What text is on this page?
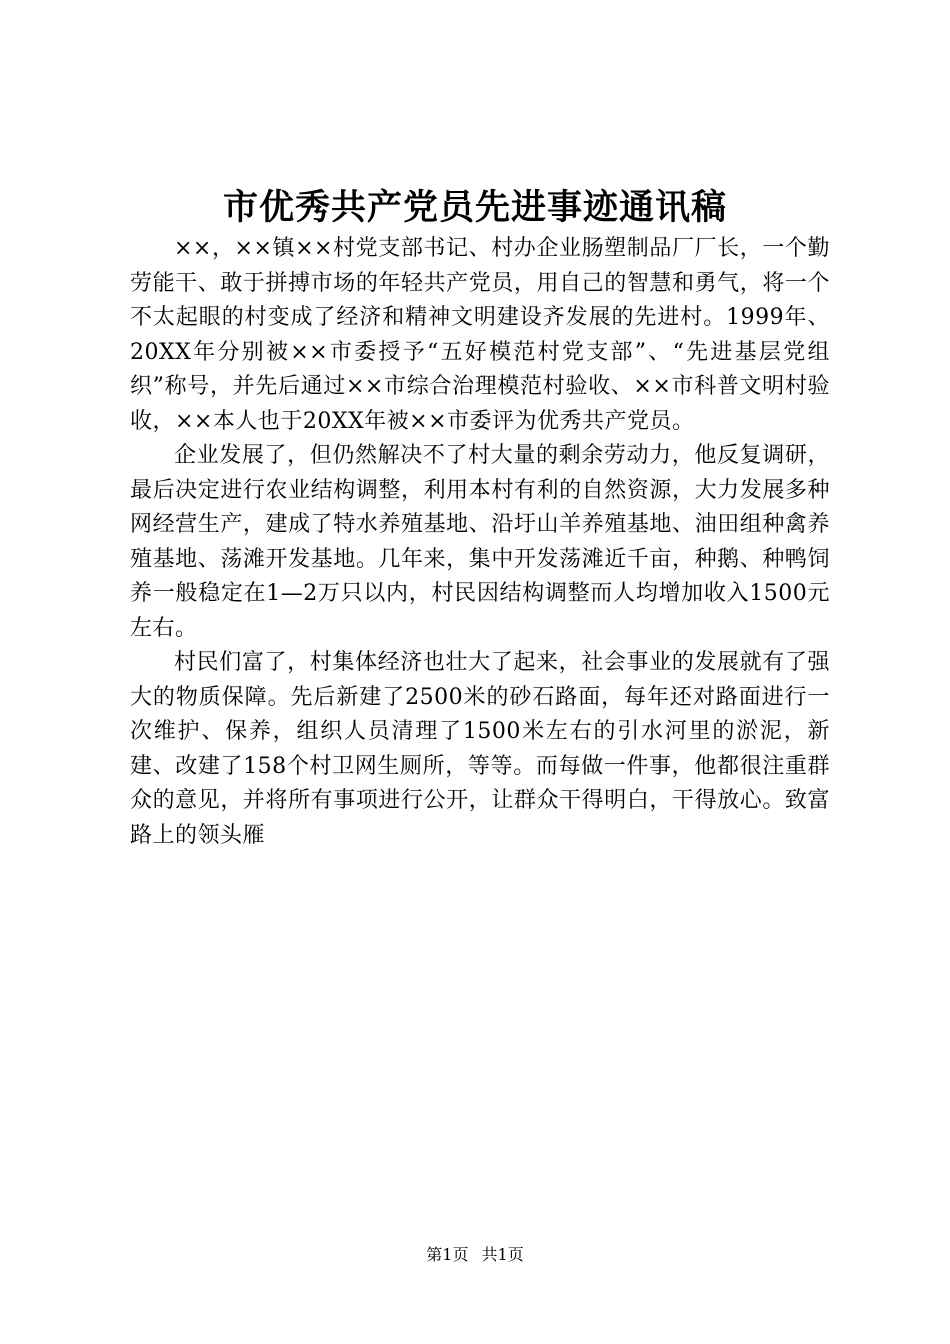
市优秀共产党员先进事迹通讯稿

××，××镇××村党支部书记、村办企业肠塑制品厂厂长，一个勤劳能干、敢于拼搏市场的年轻共产党员，用自己的智慧和勇气，将一个不太起眼的村变成了经济和精神文明建设齐发展的先进村。1999年、20XX年分别被××市委授予“五好模范村党支部”、“先进基层党组织”称号，并先后通过××市综合治理模范村验收、××市科普文明村验收，××本人也于20XX年被××市委评为优秀共产党员。

企业发展了，但仍然解决不了村大量的剩余劳动力，他反复调研，最后决定进行农业结构调整，利用本村有利的自然资源，大力发展多种网经营生产，建成了特水养殖基地、沿圩山羊养殖基地、油田组种禽养殖基地、荡滩开发基地。几年来，集中开发荡滩近千亩，种鹅、种鸭饲养一般稳定在1—2万只以内，村民因结构调整而人均增加收入1500元左右。

村民们富了，村集体经济也壮大了起来，社会事业的发展就有了强大的物质保障。先后新建了2500米的砂石路面，每年还对路面进行一次维护、保养，组织人员清理了1500米左右的引水河里的淤泥，新建、改建了158个村卫网生厕所，等等。而每做一件事，他都很注重群众的意见，并将所有事项进行公开，让群众干得明白，干得放心。致富路上的领头雁

第1页 共1页
